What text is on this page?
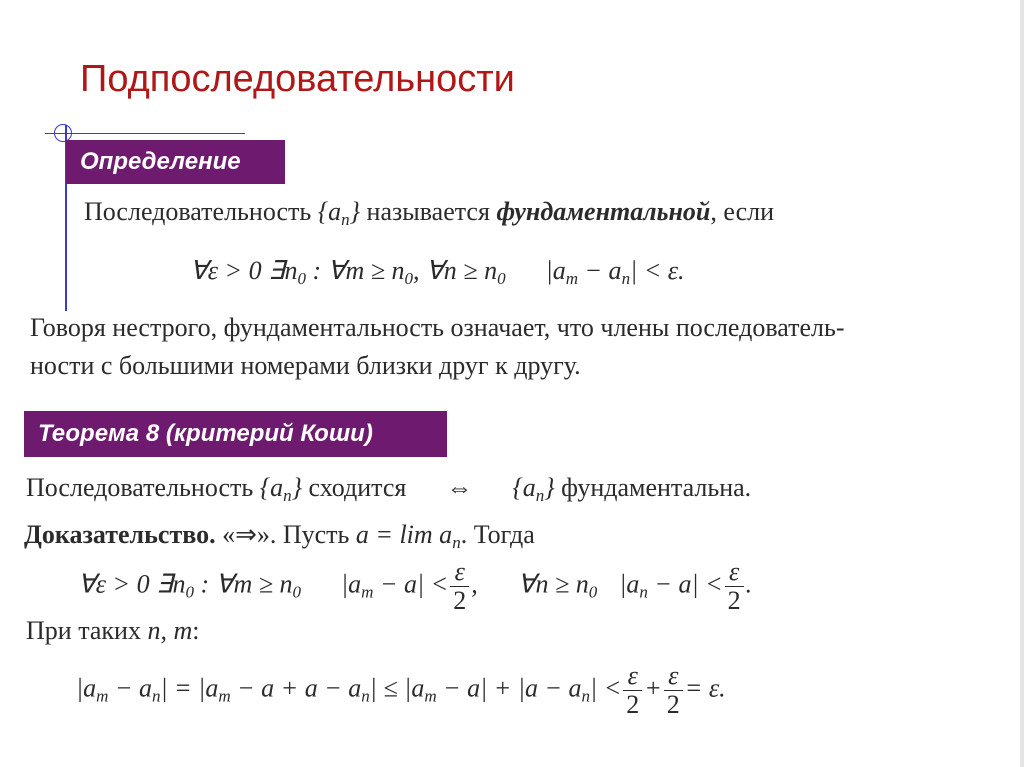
Подпоследовательности
Определение
Последовательность $\{a_n\}$ называется фундаментальной, если
∀ε > 0 $\exists n_0$ : ∀m ≥ $n_0$, ∀n ≥ $n_0$ $|a_m - a_n| < \varepsilon$.
Говоря нестрого, фундаментальность означает, что члены последователь-
ности с большими номерами близки друг к другу.
Теорема 8 (критерий Коши)
Последовательность $\{a_n\}$ сходится ⇔ $\{a_n\}$ фундаментальна.
Доказательство. «⇒». Пусть $a = \lim a_n$. Тогда
∀ε > 0 $\exists n_0$ : ∀m ≥ $n_0$ $|a_m - a| < \frac{\varepsilon}{2}$ , ∀n ≥ $n_0$ $|a_n - a| < \frac{\varepsilon}{2}$ .
При таких n, m:
$|a_m - a_n| = |a_m - a + a - a_n| \le |a_m - a| + |a - a_n| < \frac{\varepsilon}{2} + \frac{\varepsilon}{2} = \varepsilon$.
